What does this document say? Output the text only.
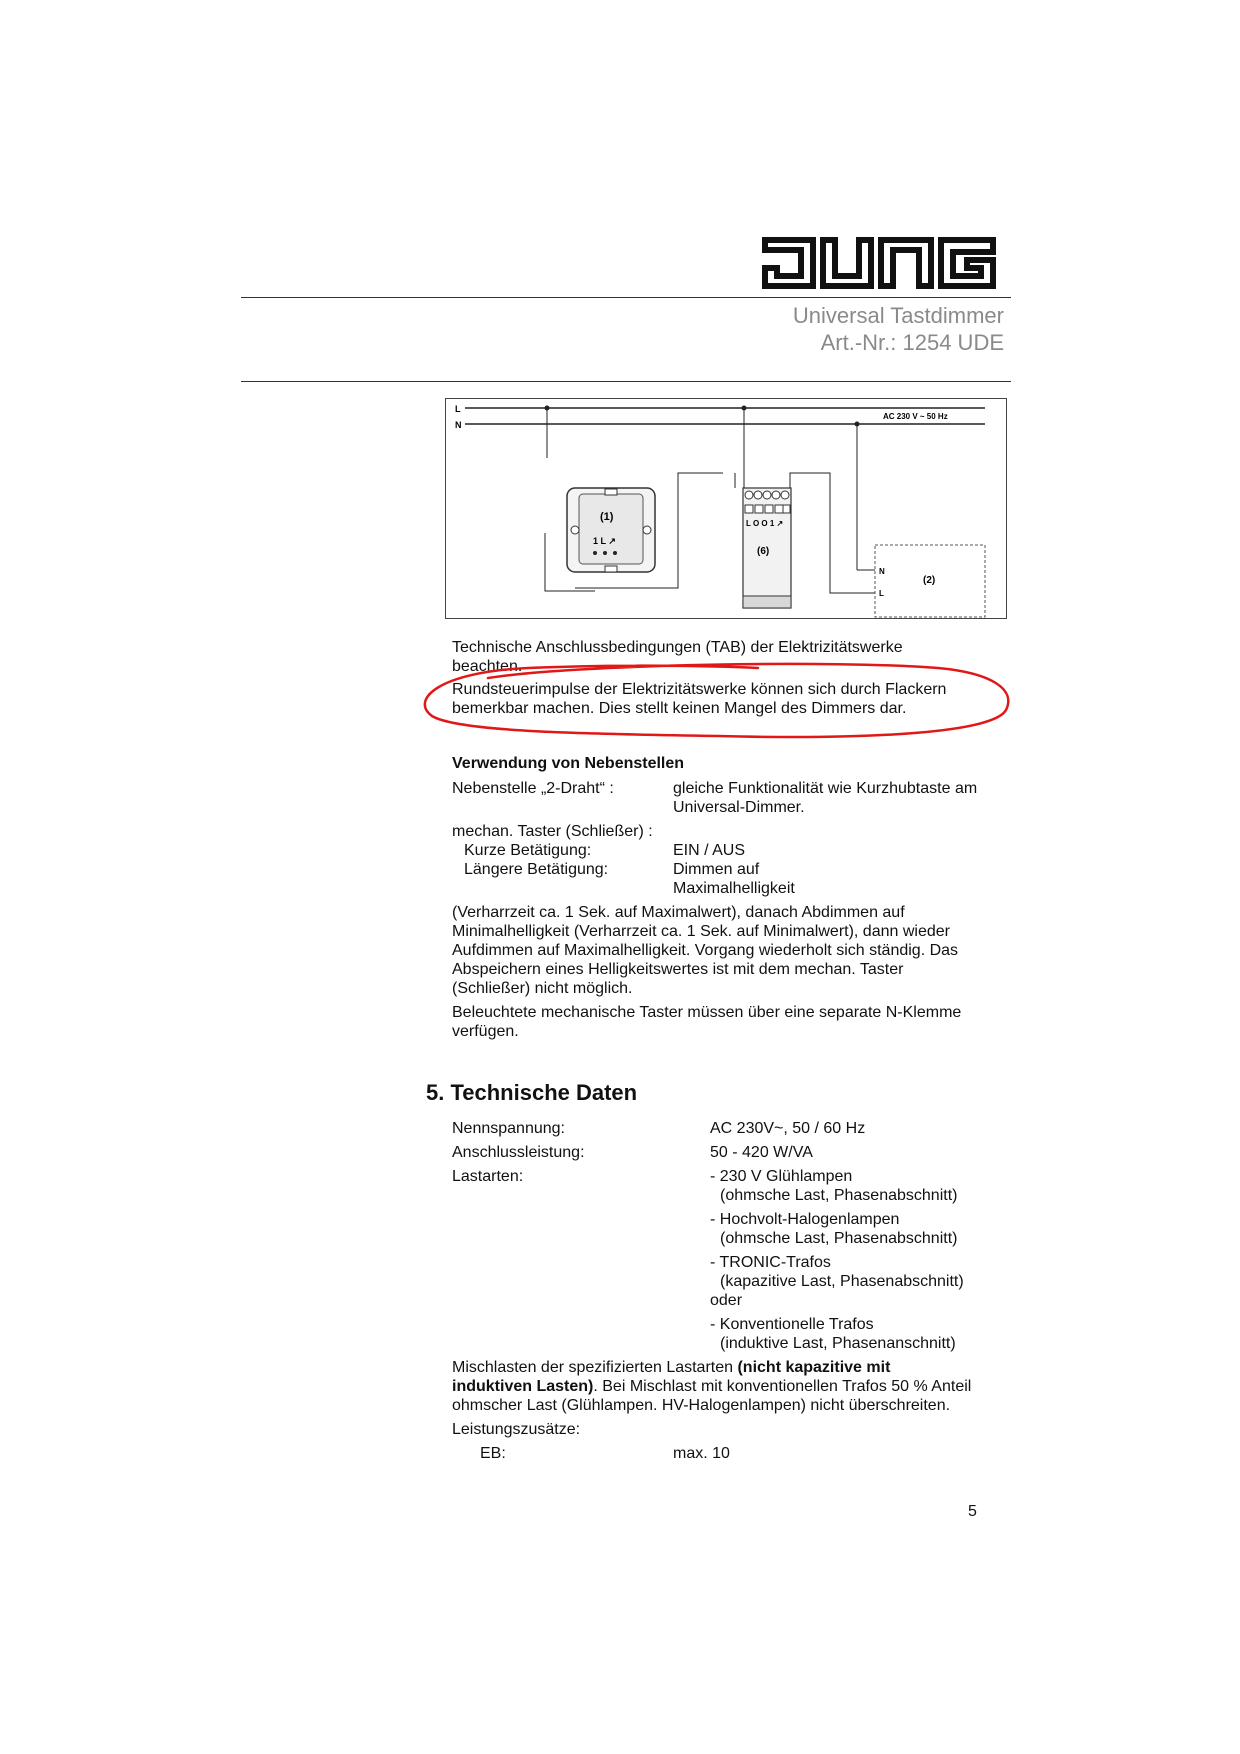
Universal Tastdimmer
Art.-Nr.: 1254 UDE
L
N
AC 230 V ~ 50 Hz
(1)
1 L ↗
L O O 1 ↗
(6)
N
L
(2)
Technische Anschlussbedingungen (TAB) der Elektrizitätswerke
beachten.
Rundsteuerimpulse der Elektrizitätswerke können sich durch Flackern
bemerkbar machen. Dies stellt keinen Mangel des Dimmers dar.
Verwendung von Nebenstellen
Nebenstelle „2-Draht“ :	gleiche Funktionalität wie Kurzhubtaste am
Universal-Dimmer.
mechan. Taster (Schließer) :
Kurze Betätigung:	EIN / AUS
Längere Betätigung:	Dimmen auf
Maximalhelligkeit
(Verharrzeit ca. 1 Sek. auf Maximalwert), danach Abdimmen auf
Minimalhelligkeit (Verharrzeit ca. 1 Sek. auf Minimalwert), dann wieder
Aufdimmen auf Maximalhelligkeit. Vorgang wiederholt sich ständig. Das
Abspeichern eines Helligkeitswertes ist mit dem mechan. Taster
(Schließer) nicht möglich.
Beleuchtete mechanische Taster müssen über eine separate N-Klemme
verfügen.
5. Technische Daten
Nennspannung:	AC 230V~, 50 / 60 Hz
Anschlussleistung:	50 - 420 W/VA
Lastarten:	- 230 V Glühlampen
(ohmsche Last, Phasenabschnitt)
- Hochvolt-Halogenlampen
(ohmsche Last, Phasenabschnitt)
- TRONIC-Trafos
(kapazitive Last, Phasenabschnitt)
oder
- Konventionelle Trafos
(induktive Last, Phasenanschnitt)
Mischlasten der spezifizierten Lastarten (nicht kapazitive mit
induktiven Lasten). Bei Mischlast mit konventionellen Trafos 50 % Anteil
ohmscher Last (Glühlampen. HV-Halogenlampen) nicht überschreiten.
Leistungszusätze:
EB:	max. 10
5
